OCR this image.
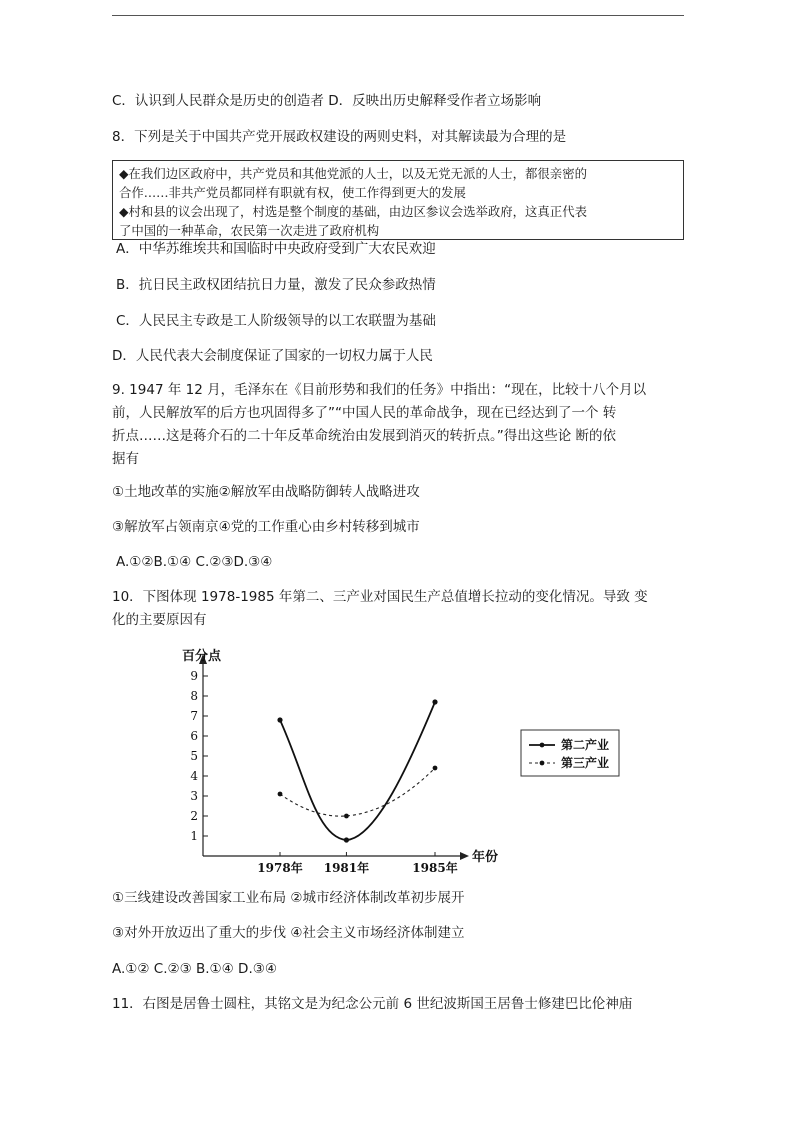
C．认识到人民群众是历史的创造者 D．反映出历史解释受作者立场影响
8．下列是关于中国共产党开展政权建设的两则史料，对其解读最为合理的是
◆在我们边区政府中，共产党员和其他党派的人士，以及无党无派的人士，都很亲密的
合作……非共产党员都同样有职就有权，使工作得到更大的发展
◆村和县的议会出现了，村选是整个制度的基础，由边区参议会选举政府，这真正代表
了中国的一种革命，农民第一次走进了政府机构
A．中华苏维埃共和国临时中央政府受到广大农民欢迎
B．抗日民主政权团结抗日力量，激发了民众参政热情
C．人民民主专政是工人阶级领导的以工农联盟为基础
D．人民代表大会制度保证了国家的一切权力属于人民
9. 1947 年 12 月，毛泽东在《目前形势和我们的任务》中指出：“现在，比较十八个月以
前，人民解放军的后方也巩固得多了”“中国人民的革命战争，现在已经达到了一个 转
折点……这是蒋介石的二十年反革命统治由发展到消灭的转折点。”得出这些论 断的依
据有
①土地改革的实施②解放军由战略防御转人战略进攻
③解放军占领南京④党的工作重心由乡村转移到城市
A.①②B.①④ C.②③D.③④
10．下图体现 1978-1985 年第二、三产业对国民生产总值增长拉动的变化情况。导致 变
化的主要原因有
1
2
3
4
5
6
7
8
9
百分点
1978年 1981年	1985年
年份
第二产业
第三产业
①三线建设改善国家工业布局 ②城市经济体制改革初步展开
③对外开放迈出了重大的步伐 ④社会主义市场经济体制建立
A.①② C.②③ B.①④ D.③④
11．右图是居鲁士圆柱，其铭文是为纪念公元前 6 世纪波斯国王居鲁士修建巴比伦神庙
